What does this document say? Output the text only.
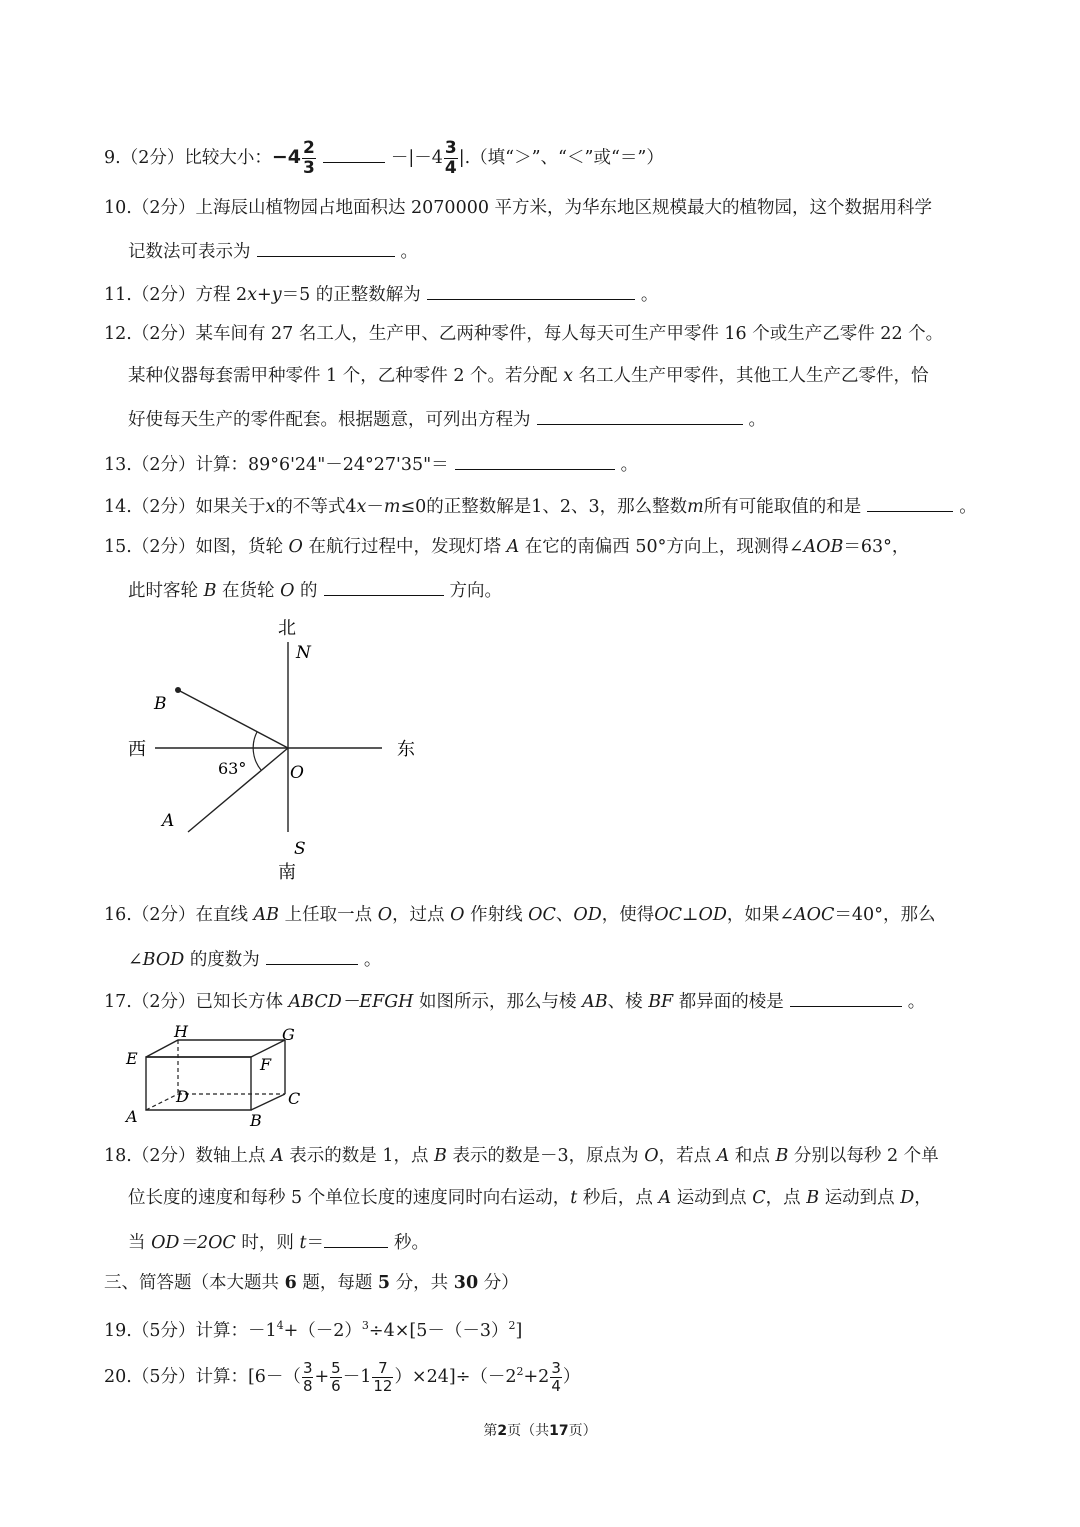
9.（2分）比较大小：$-4 \frac{2}{3}$	$-|-4 \frac{3}{4}$ |.（填“＞”、“＜”或“＝”）
10.（2分）上海辰山植物园占地面积达 2070000 平方米，为华东地区规模最大的植物园，这个数据用科学
记数法可表示为	。
11.（2分）方程 2x+y＝5 的正整数解为	。
12.（2分）某车间有 27 名工人，生产甲、乙两种零件，每人每天可生产甲零件 16 个或生产乙零件 22 个。
某种仪器每套需甲种零件 1 个，乙种零件 2 个。若分配 x 名工人生产甲零件，其他工人生产乙零件，恰
好使每天生产的零件配套。根据题意，可列出方程为	。
13.（2分）计算：89°6'24"－24°27'35"＝	。
14.（2分）如果关于x的不等式4x－m≤0的正整数解是1、2、3，那么整数m所有可能取值的和是	。
15.（2分）如图，货轮 O 在航行过程中，发现灯塔 A 在它的南偏西 50°方向上，现测得∠AOB＝63°，
此时客轮 B 在货轮 O 的	方向。
北
N
西	东
O
B
A
63°
S
南
16.（2分）在直线 AB 上任取一点 O，过点 O 作射线 OC、OD，使得OC⊥OD，如果∠AOC＝40°，那么
∠BOD 的度数为	。
17.（2分）已知长方体 ABCD－EFGH 如图所示，那么与棱 AB、棱 BF 都异面的棱是	。
H	G
E	F
D	C
A	B
18.（2分）数轴上点 A 表示的数是 1，点 B 表示的数是－3，原点为 O，若点 A 和点 B 分别以每秒 2 个单
位长度的速度和每秒 5 个单位长度的速度同时向右运动，t 秒后，点 A 运动到点 C，点 B 运动到点 D，
当 OD＝2OC 时，则 t＝	秒。
三、简答题（本大题共 6 题，每题 5 分，共 30 分）
19.（5分）计算：$-1^4+(-2)^3\div 4\times[5-(-3)^2]$
20.（5分）计算：$[6-( \frac{3}{8} + \frac{5}{6} -1 \frac{7}{12} )\times 24]\div(-2^2+2 \frac{3}{4}$ ）
第2页（共17页）
